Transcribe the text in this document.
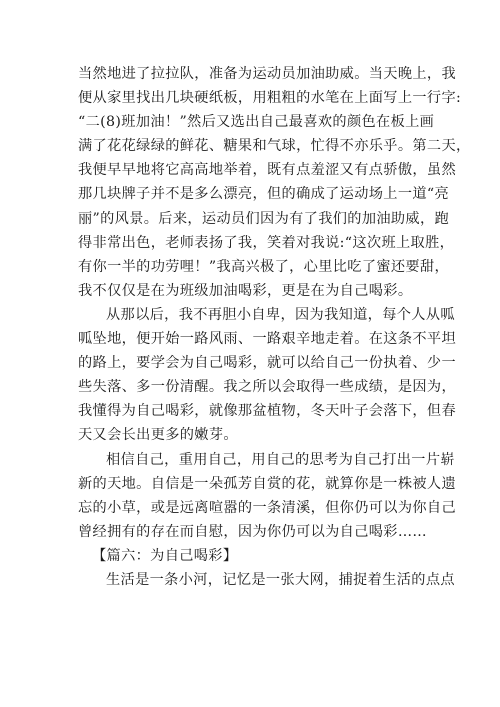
当然地进了拉拉队，准备为运动员加油助威。当天晚上，我
便从家里找出几块硬纸板，用粗粗的水笔在上面写上一行字:
“二(8)班加油！”然后又选出自己最喜欢的颜色在板上画
满了花花绿绿的鲜花、糖果和气球，忙得不亦乐乎。第二天，
我便早早地将它高高地举着，既有点羞涩又有点骄傲，虽然
那几块牌子并不是多么漂亮，但的确成了运动场上一道“亮
丽”的风景。后来，运动员们因为有了我们的加油助威，跑
得非常出色，老师表扬了我，笑着对我说:“这次班上取胜，
有你一半的功劳哩！”我高兴极了，心里比吃了蜜还要甜，
我不仅仅是在为班级加油喝彩，更是在为自己喝彩。
从那以后，我不再胆小自卑，因为我知道，每个人从呱
呱坠地，便开始一路风雨、一路艰辛地走着。在这条不平坦
的路上，要学会为自己喝彩，就可以给自己一份执着、少一
些失落、多一份清醒。我之所以会取得一些成绩，是因为，
我懂得为自己喝彩，就像那盆植物，冬天叶子会落下，但春
天又会长出更多的嫩芽。
相信自己，重用自己，用自己的思考为自己打出一片崭
新的天地。自信是一朵孤芳自赏的花，就算你是一株被人遗
忘的小草，或是远离喧嚣的一条清溪，但你仍可以为你自己
曾经拥有的存在而自慰，因为你仍可以为自己喝彩……
【篇六：为自己喝彩】
生活是一条小河，记忆是一张大网，捕捉着生活的点点
